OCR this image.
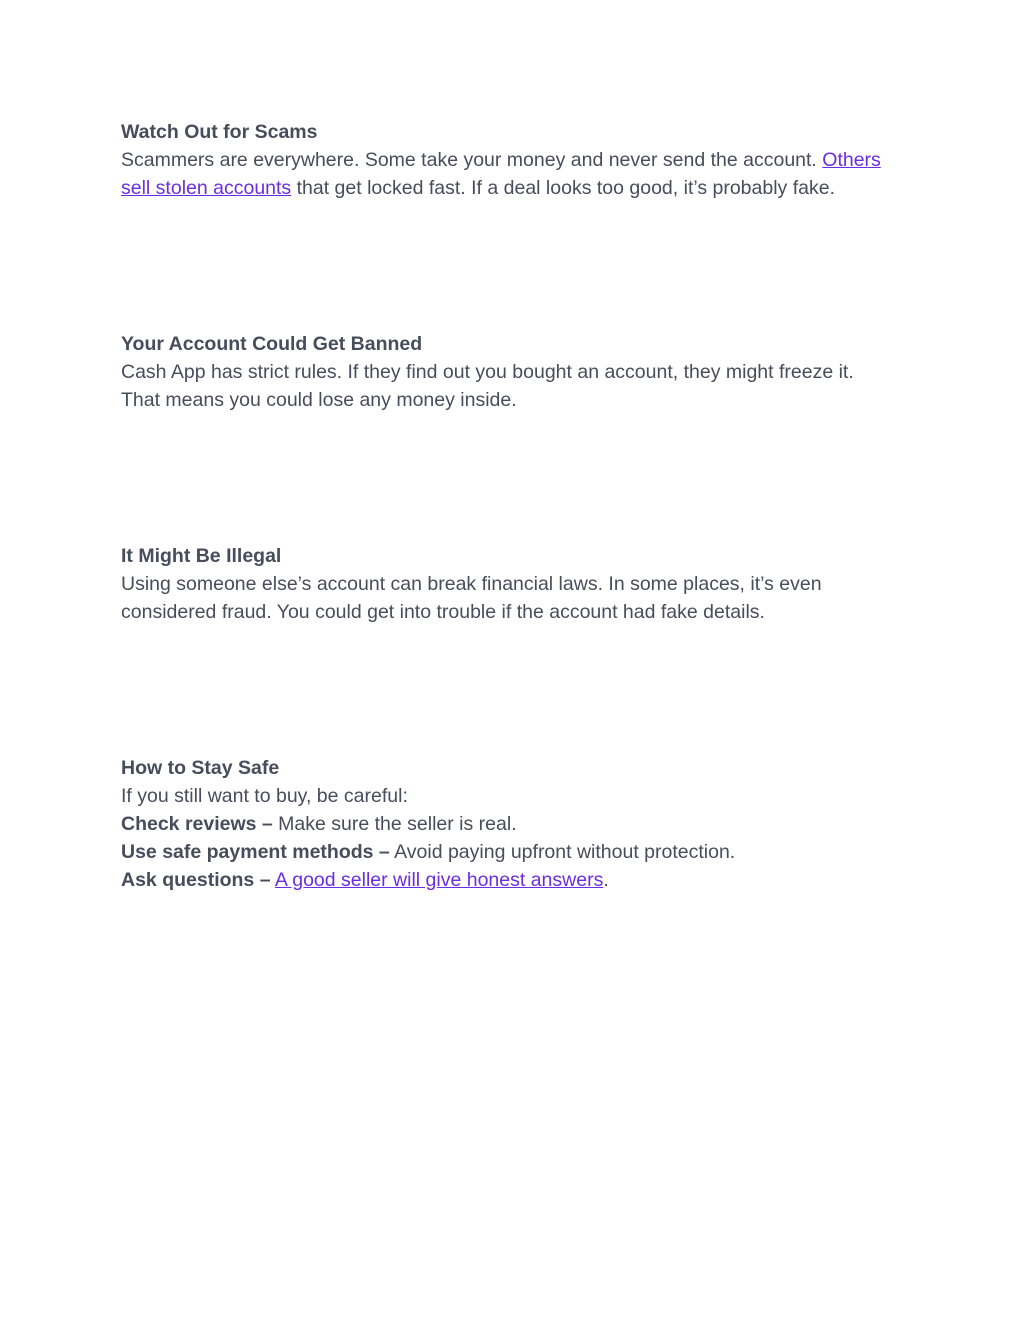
Watch Out for Scams
Scammers are everywhere. Some take your money and never send the account. Others
sell stolen accounts that get locked fast. If a deal looks too good, it’s probably fake.
Your Account Could Get Banned
Cash App has strict rules. If they find out you bought an account, they might freeze it.
That means you could lose any money inside.
It Might Be Illegal
Using someone else’s account can break financial laws. In some places, it’s even
considered fraud. You could get into trouble if the account had fake details.
How to Stay Safe
If you still want to buy, be careful:
Check reviews – Make sure the seller is real.
Use safe payment methods – Avoid paying upfront without protection.
Ask questions – A good seller will give honest answers.
